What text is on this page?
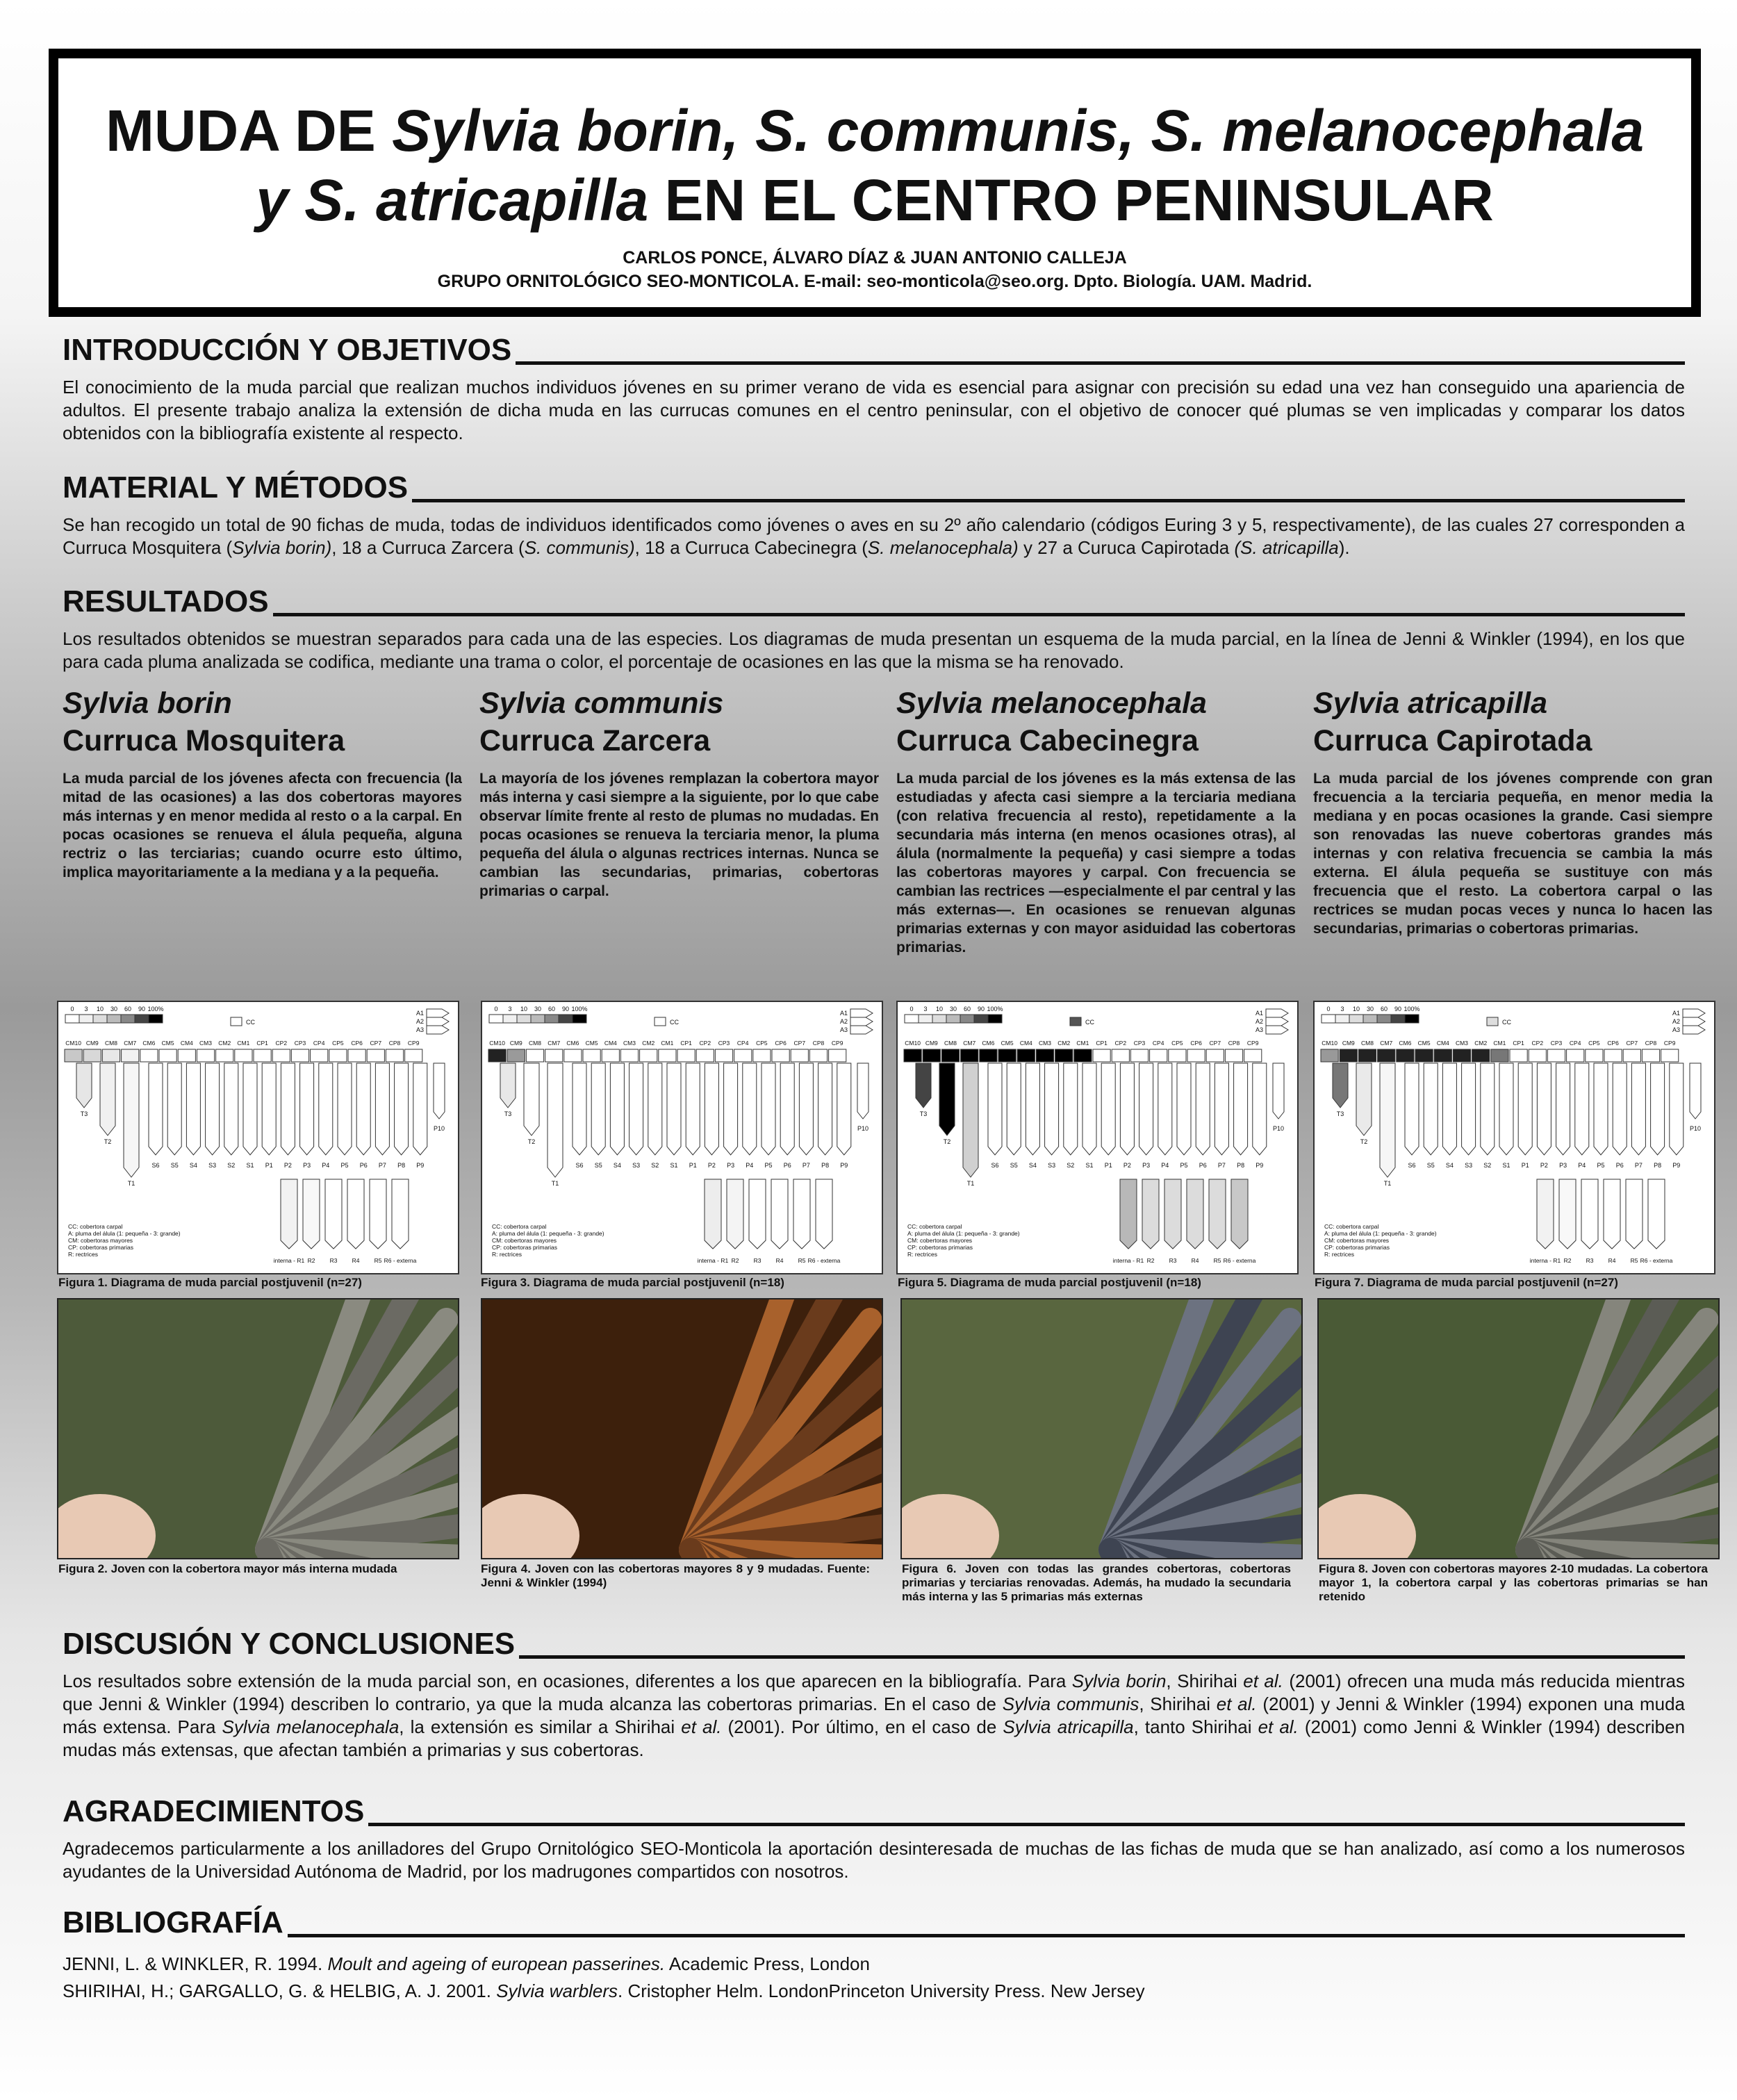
MUDA DE Sylvia borin, S. communis, S. melanocephala
y S. atricapilla EN EL CENTRO PENINSULAR
CARLOS PONCE, ÁLVARO DÍAZ & JUAN ANTONIO CALLEJA
GRUPO ORNITOLÓGICO SEO-MONTICOLA. E-mail: seo-monticola@seo.org. Dpto. Biología. UAM. Madrid.
INTRODUCCIÓN Y OBJETIVOS

El conocimiento de la muda parcial que realizan muchos individuos jóvenes en su primer verano de vida es esencial para asignar con precisión su edad una vez han conseguido una apariencia de adultos. El presente trabajo analiza la extensión de dicha muda en las currucas comunes en el centro peninsular, con el objetivo de conocer qué plumas se ven implicadas y comparar los datos obtenidos con la bibliografía existente al respecto.

MATERIAL Y MÉTODOS

Se han recogido un total de 90 fichas de muda, todas de individuos identificados como jóvenes o aves en su 2º año calendario (códigos Euring 3 y 5, respectivamente), de las cuales 27 corresponden a Curruca Mosquitera (Sylvia borin), 18 a Curruca Zarcera (S. communis), 18 a Curruca Cabecinegra (S. melanocephala) y 27 a Curuca Capirotada (S. atricapilla).

RESULTADOS

Los resultados obtenidos se muestran separados para cada una de las especies. Los diagramas de muda presentan un esquema de la muda parcial, en la línea de Jenni & Winkler (1994), en los que para cada pluma analizada se codifica, mediante una trama o color, el porcentaje de ocasiones en las que la misma se ha renovado.

Sylvia borin
Curruca Mosquitera
La muda parcial de los jóvenes afecta con frecuencia (la mitad de las ocasiones) a las dos cobertoras mayores más internas y en menor medida al resto o a la carpal. En pocas ocasiones se renueva el álula pequeña, alguna rectriz o las terciarias; cuando ocurre esto último, implica mayoritariamente a la mediana y a la pequeña.
Sylvia communis
Curruca Zarcera
La mayoría de los jóvenes remplazan la cobertora mayor más interna y casi siempre a la siguiente, por lo que cabe observar límite frente al resto de plumas no mudadas. En pocas ocasiones se renueva la terciaria menor, la pluma pequeña del álula o algunas rectrices internas. Nunca se cambian las secundarias, primarias, cobertoras primarias o carpal.
Sylvia melanocephala
Curruca Cabecinegra
La muda parcial de los jóvenes es la más extensa de las estudiadas y afecta casi siempre a la terciaria mediana (con relativa frecuencia al resto), repetidamente a la secundaria más interna (en menos ocasiones otras), al álula (normalmente la pequeña) y casi siempre a todas las cobertoras mayores y carpal. Con frecuencia se cambian las rectrices —especialmente el par central y las más externas—. En ocasiones se renuevan algunas primarias externas y con mayor asiduidad las cobertoras primarias.
Sylvia atricapilla
Curruca Capirotada
La muda parcial de los jóvenes comprende con gran frecuencia a la terciaria pequeña, en menor media la mediana y en pocas ocasiones la grande. Casi siempre son renovadas las nueve cobertoras grandes más internas y con relativa frecuencia se cambia la más externa. El álula pequeña se sustituye con más frecuencia que el resto. La cobertora carpal o las rectrices se mudan pocas veces y nunca lo hacen las secundarias, primarias o cobertoras primarias.
0 3 10 30 60 90 100%
CC
A1
A2
A3
CM10 CM9 CM8 CM7 CM6 CM5 CM4 CM3 CM2 CM1 CP1 CP2 CP3 CP4 CP5 CP6 CP7 CP8 CP9
T3
T2
T1
S6 S5 S4 S3 S2 S1 P1 P2 P3 P4 P5 P6 P7 P8 P9
P10
interna - R1 R2 R3 R4 R5 R6 - externa
CC: cobertora carpal
A: pluma del álula (1: pequeña - 3: grande)
CM: cobertoras mayores
CP: cobertoras primarias
R: rectrices
0 3 10 30 60 90 100%
CC
A1
A2
A3
CM10 CM9 CM8 CM7 CM6 CM5 CM4 CM3 CM2 CM1 CP1 CP2 CP3 CP4 CP5 CP6 CP7 CP8 CP9
T3
T2
T1
S6 S5 S4 S3 S2 S1 P1 P2 P3 P4 P5 P6 P7 P8 P9
P10
interna - R1 R2 R3 R4 R5 R6 - externa
CC: cobertora carpal
A: pluma del álula (1: pequeña - 3: grande)
CM: cobertoras mayores
CP: cobertoras primarias
R: rectrices
0 3 10 30 60 90 100%
CC
A1
A2
A3
CM10 CM9 CM8 CM7 CM6 CM5 CM4 CM3 CM2 CM1 CP1 CP2 CP3 CP4 CP5 CP6 CP7 CP8 CP9
T3
T2
T1
S6 S5 S4 S3 S2 S1 P1 P2 P3 P4 P5 P6 P7 P8 P9
P10
interna - R1 R2 R3 R4 R5 R6 - externa
CC: cobertora carpal
A: pluma del álula (1: pequeña - 3: grande)
CM: cobertoras mayores
CP: cobertoras primarias
R: rectrices
0 3 10 30 60 90 100%
CC
A1
A2
A3
CM10 CM9 CM8 CM7 CM6 CM5 CM4 CM3 CM2 CM1 CP1 CP2 CP3 CP4 CP5 CP6 CP7 CP8 CP9
T3
T2
T1
S6 S5 S4 S3 S2 S1 P1 P2 P3 P4 P5 P6 P7 P8 P9
P10
interna - R1 R2 R3 R4 R5 R6 - externa
CC: cobertora carpal
A: pluma del álula (1: pequeña - 3: grande)
CM: cobertoras mayores
CP: cobertoras primarias
R: rectrices
Figura 1. Diagrama de muda parcial postjuvenil (n=27)	Figura 3. Diagrama de muda parcial postjuvenil (n=18)	Figura 5. Diagrama de muda parcial postjuvenil (n=18)	Figura 7. Diagrama de muda parcial postjuvenil (n=27)
Figura 2. Joven con la cobertora mayor más interna mudada	Figura 4. Joven con las cobertoras mayores 8 y 9 mudadas. Fuente: Jenni & Winkler (1994)
Figura 6. Joven con todas las grandes cobertoras, cobertoras primarias y terciarias renovadas. Además, ha mudado la secundaria más interna y las 5 primarias más externas
Figura 8. Joven con cobertoras mayores 2-10 mudadas. La cobertora mayor 1, la cobertora carpal y las cobertoras primarias se han retenido
DISCUSIÓN Y CONCLUSIONES

Los resultados sobre extensión de la muda parcial son, en ocasiones, diferentes a los que aparecen en la bibliografía. Para Sylvia borin, Shirihai et al. (2001) ofrecen una muda más reducida mientras que Jenni & Winkler (1994) describen lo contrario, ya que la muda alcanza las cobertoras primarias. En el caso de Sylvia communis, Shirihai et al. (2001) y Jenni & Winkler (1994) exponen una muda más extensa. Para Sylvia melanocephala, la extensión es similar a Shirihai et al. (2001). Por último, en el caso de Sylvia atricapilla, tanto Shirihai et al. (2001) como Jenni & Winkler (1994) describen mudas más extensas, que afectan también a primarias y sus cobertoras.

AGRADECIMIENTOS

Agradecemos particularmente a los anilladores del Grupo Ornitológico SEO-Monticola la aportación desinteresada de muchas de las fichas de muda que se han analizado, así como a los numerosos ayudantes de la Universidad Autónoma de Madrid, por los madrugones compartidos con nosotros.

BIBLIOGRAFÍA

JENNI, L. & WINKLER, R. 1994. Moult and ageing of european passerines. Academic Press, London

SHIRIHAI, H.; GARGALLO, G. & HELBIG, A. J. 2001. Sylvia warblers. Cristopher Helm. LondonPrinceton University Press. New Jersey
